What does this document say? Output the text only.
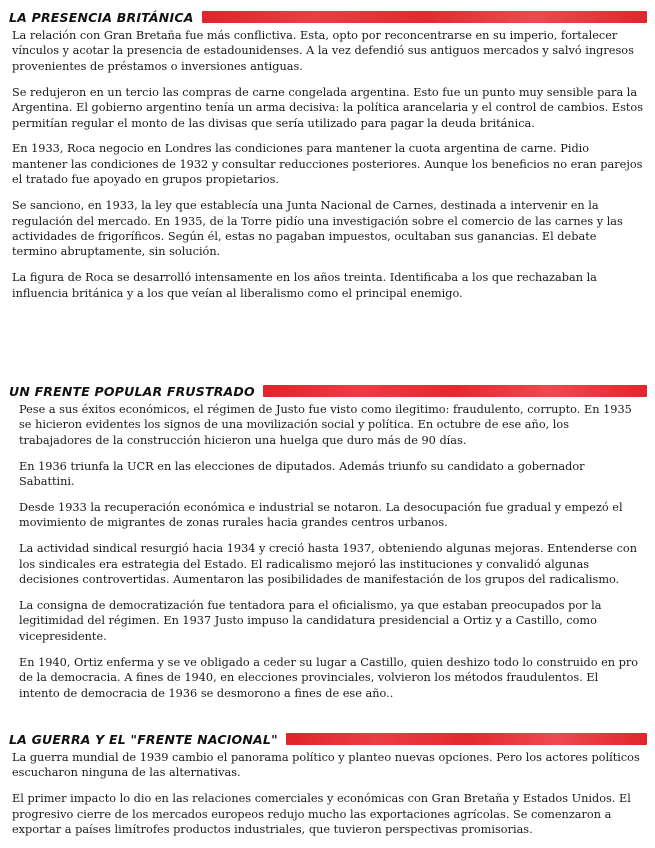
LA PRESENCIA BRITÁNICA

La relación con Gran Bretaña fue más conflictiva. Esta, opto por reconcentrarse en su imperio, fortalecer vínculos y acotar la presencia de estadounidenses. A la vez defendió sus antiguos mercados y salvó ingresos provenientes de préstamos o inversiones antiguas.

Se redujeron en un tercio las compras de carne congelada argentina. Esto fue un punto muy sensible para la Argentina. El gobierno argentino tenía un arma decisiva: la política arancelaria y el control de cambios. Estos permitían regular el monto de las divisas que sería utilizado para pagar la deuda británica.

En 1933, Roca negocio en Londres las condiciones para mantener la cuota argentina de carne. Pidio mantener las condiciones de 1932 y consultar reducciones posteriores. Aunque los beneficios no eran parejos el tratado fue apoyado en grupos propietarios.

Se sanciono, en 1933, la ley que establecía una Junta Nacional de Carnes, destinada a intervenir en la regulación del mercado. En 1935, de la Torre pidío una investigación sobre el comercio de las carnes y las actividades de frigoríficos. Según él, estas no pagaban impuestos, ocultaban sus ganancias. El debate termino abruptamente, sin solución.

La figura de Roca se desarrolló intensamente en los años treinta. Identificaba a los que rechazaban la influencia británica y a los que veían al liberalismo como el principal enemigo.

UN FRENTE POPULAR FRUSTRADO

Pese a sus éxitos económicos, el régimen de Justo fue visto como ilegitimo: fraudulento, corrupto. En 1935 se hicieron evidentes los signos de una movilización social y política. En octubre de ese año, los trabajadores de la construcción hicieron una huelga que duro más de 90 días.

En 1936 triunfa la UCR en las elecciones de diputados. Además triunfo su candidato a gobernador Sabattini.

Desde 1933 la recuperación económica e industrial se notaron. La desocupación fue gradual y empezó el movimiento de migrantes de zonas rurales hacia grandes centros urbanos.

La actividad sindical resurgió hacia 1934 y creció hasta 1937, obteniendo algunas mejoras. Entenderse con los sindicales era estrategia del Estado. El radicalismo mejoró las instituciones y convalidó algunas decisiones controvertidas. Aumentaron las posibilidades de manifestación de los grupos del radicalismo.

La consigna de democratización fue tentadora para el oficialismo, ya que estaban preocupados por la legitimidad del régimen. En 1937 Justo impuso la candidatura presidencial a Ortiz y a Castillo, como vicepresidente.

En 1940, Ortiz enferma y se ve obligado a ceder su lugar a Castillo, quien deshizo todo lo construido en pro de la democracia. A fines de 1940, en elecciones provinciales, volvieron los métodos fraudulentos. El intento de democracia de 1936 se desmorono a fines de ese año..

LA GUERRA Y EL "FRENTE NACIONAL"

La guerra mundial de 1939 cambio el panorama político y planteo nuevas opciones. Pero los actores políticos escucharon ninguna de las alternativas.

El primer impacto lo dio en las relaciones comerciales y económicas con Gran Bretaña y Estados Unidos. El progresivo cierre de los mercados europeos redujo mucho las exportaciones agrícolas. Se comenzaron a exportar a países limítrofes productos industriales, que tuvieron perspectivas promisorias.
